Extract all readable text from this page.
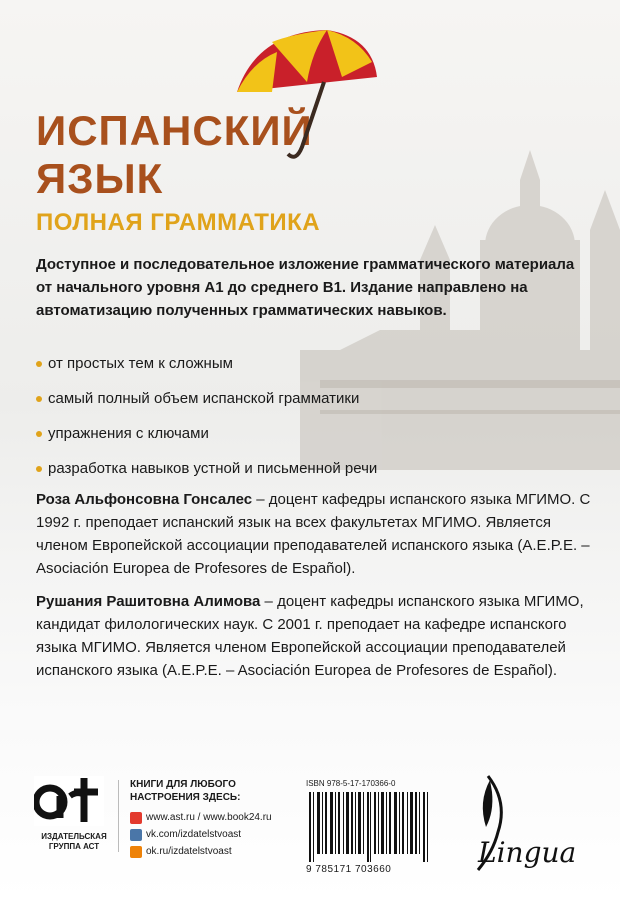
ИСПАНСКИЙ
ЯЗЫК
ПОЛНАЯ ГРАММАТИКА
Доступное и последовательное изложение грамматического материала от начального уровня А1 до среднего В1. Издание направлено на автоматизацию полученных грамматических навыков.
от простых тем к сложным
самый полный объем испанской грамматики
упражнения с ключами
разработка навыков устной и письменной речи
Роза Альфонсовна Гонсалес – доцент кафедры испанского языка МГИМО. С 1992 г. преподает испанский язык на всех факультетах МГИМО. Является членом Европейской ассоциации преподавателей испанского языка (A.E.P.E. – Asociación Europea de Profesores de Español).
Рушания Рашитовна Алимова – доцент кафедры испанского языка МГИМО, кандидат филологических наук. С 2001 г. преподает на кафедре испанского языка МГИМО. Является членом Европейской ассоциации преподавателей испанского языка (A.E.P.E. – Asociación Europea de Profesores de Español).
ИЗДАТЕЛЬСКАЯ ГРУППА АСТ
КНИГИ ДЛЯ ЛЮБОГО НАСТРОЕНИЯ ЗДЕСЬ:
www.ast.ru / www.book24.ru
vk.com/izdatelstvoast
ok.ru/izdatelstvoast
ISBN 978-5-17-170366-0
9 785171 703660
Lingua
